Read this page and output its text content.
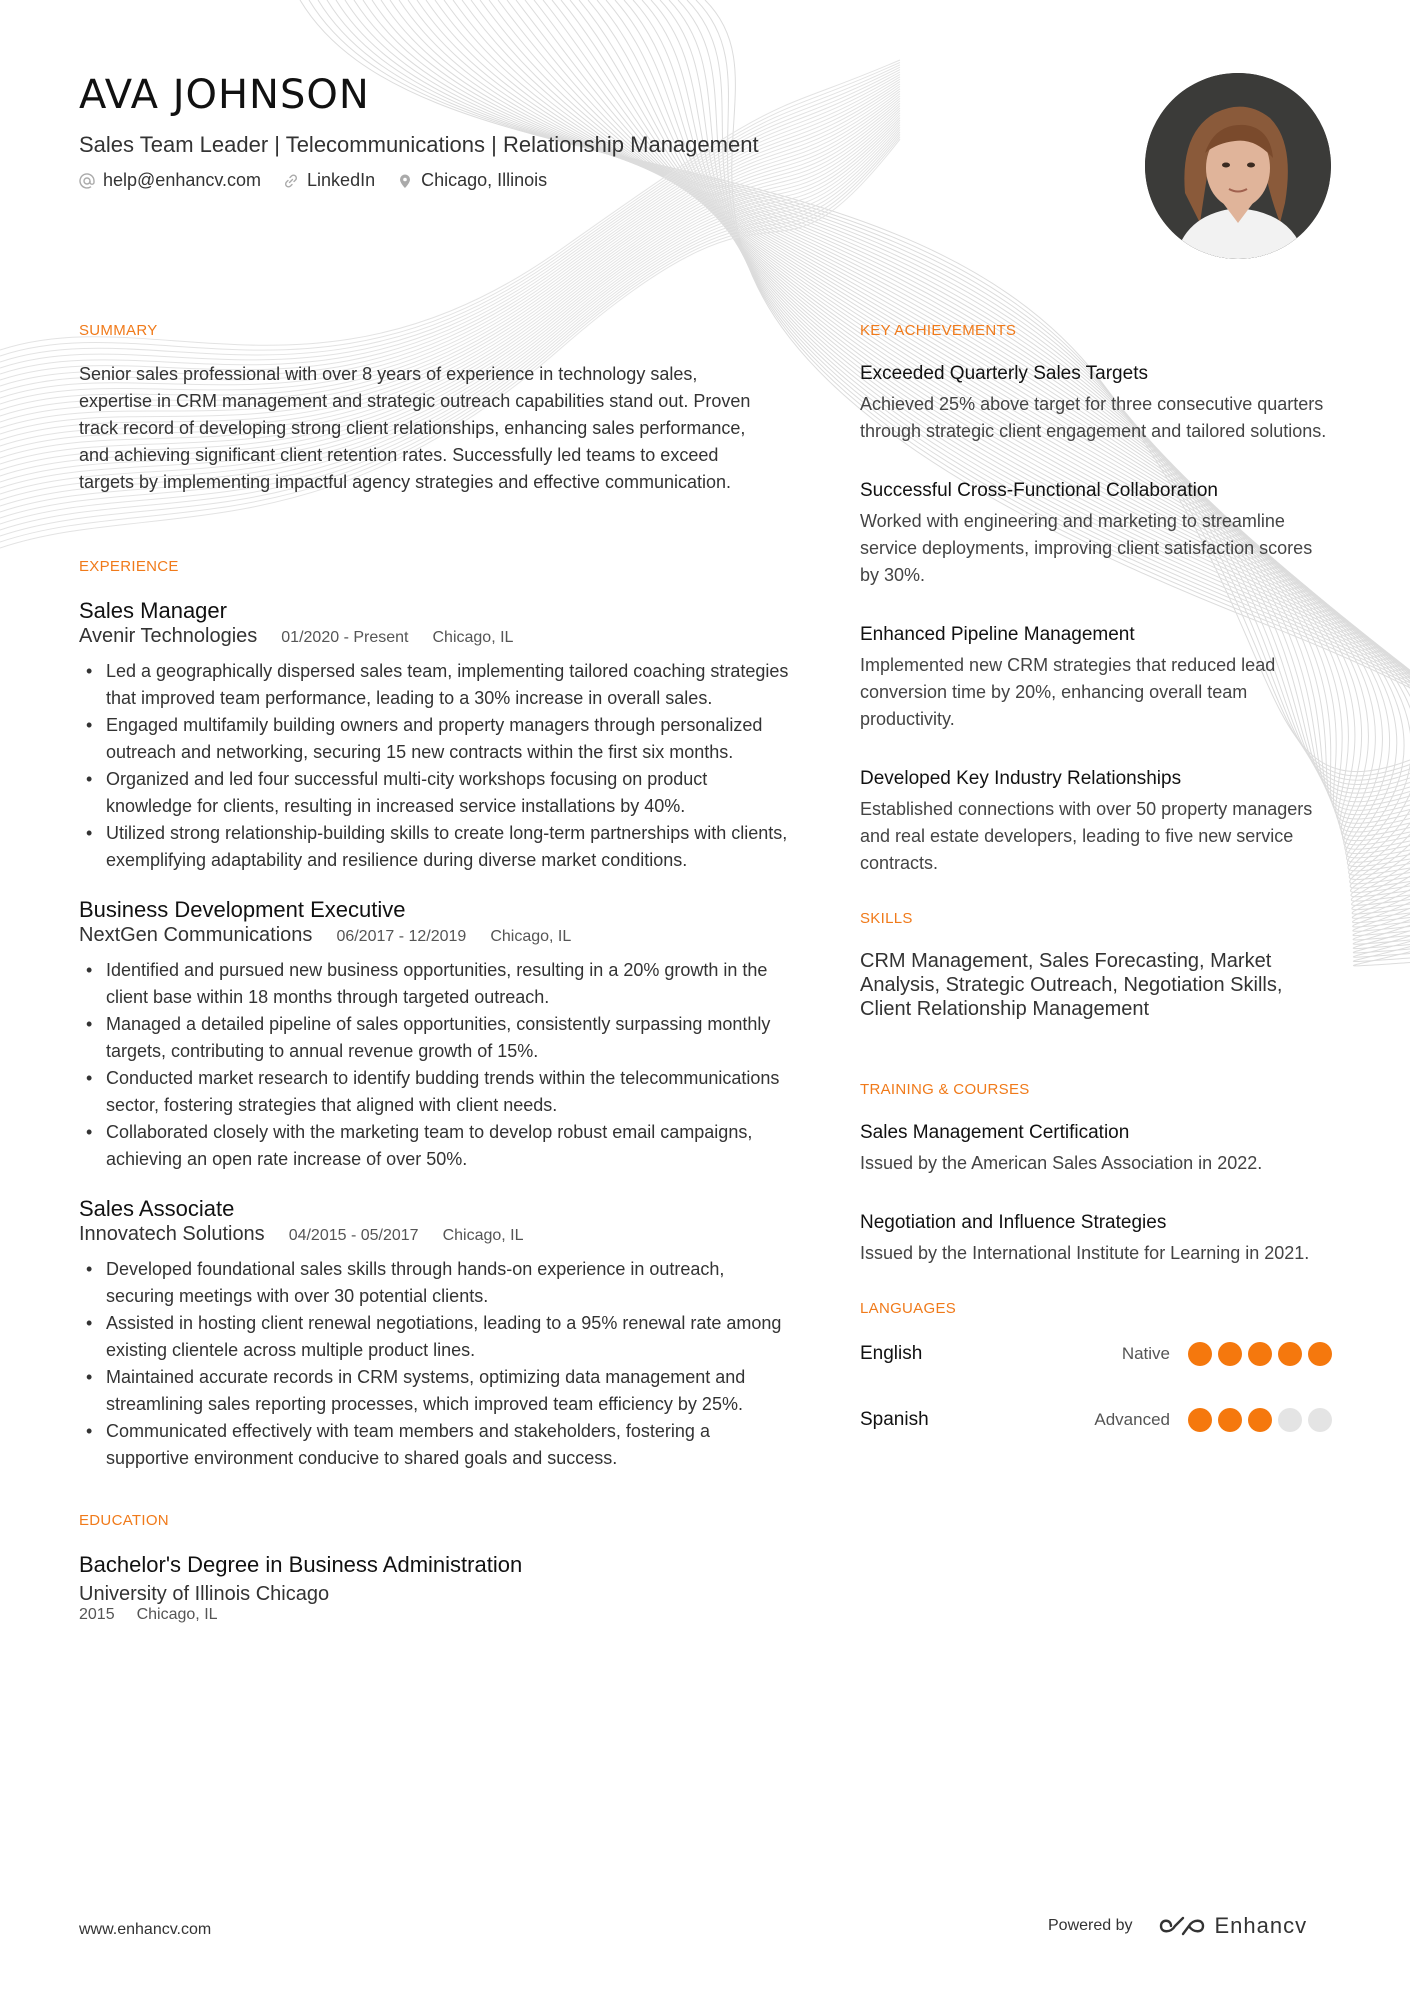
AVA JOHNSON
Sales Team Leader | Telecommunications | Relationship Management
help@enhancv.com	LinkedIn	Chicago, Illinois
SUMMARY

Senior sales professional with over 8 years of experience in technology sales, expertise in CRM management and strategic outreach capabilities stand out. Proven track record of developing strong client relationships, enhancing sales performance, and achieving significant client retention rates. Successfully led teams to exceed targets by implementing impactful agency strategies and effective communication.

EXPERIENCE
Sales Manager
Avenir Technologies 01/2020 - Present Chicago, IL
• Led a geographically dispersed sales team, implementing tailored coaching strategies that improved team performance, leading to a 30% increase in overall sales.
• Engaged multifamily building owners and property managers through personalized outreach and networking, securing 15 new contracts within the first six months.
• Organized and led four successful multi-city workshops focusing on product knowledge for clients, resulting in increased service installations by 40%.
• Utilized strong relationship-building skills to create long-term partnerships with clients, exemplifying adaptability and resilience during diverse market conditions.
Business Development Executive
NextGen Communications 06/2017 - 12/2019 Chicago, IL
• Identified and pursued new business opportunities, resulting in a 20% growth in the client base within 18 months through targeted outreach.
• Managed a detailed pipeline of sales opportunities, consistently surpassing monthly targets, contributing to annual revenue growth of 15%.
• Conducted market research to identify budding trends within the telecommunications sector, fostering strategies that aligned with client needs.
• Collaborated closely with the marketing team to develop robust email campaigns, achieving an open rate increase of over 50%.
Sales Associate
Innovatech Solutions 04/2015 - 05/2017 Chicago, IL
• Developed foundational sales skills through hands-on experience in outreach, securing meetings with over 30 potential clients.
• Assisted in hosting client renewal negotiations, leading to a 95% renewal rate among existing clientele across multiple product lines.
• Maintained accurate records in CRM systems, optimizing data management and streamlining sales reporting processes, which improved team efficiency by 25%.
• Communicated effectively with team members and stakeholders, fostering a supportive environment conducive to shared goals and success.
EDUCATION
Bachelor's Degree in Business Administration
University of Illinois Chicago
2015 Chicago, IL
KEY ACHIEVEMENTS
Exceeded Quarterly Sales Targets
Achieved 25% above target for three consecutive quarters through strategic client engagement and tailored solutions.
Successful Cross-Functional Collaboration
Worked with engineering and marketing to streamline service deployments, improving client satisfaction scores by 30%.
Enhanced Pipeline Management
Implemented new CRM strategies that reduced lead conversion time by 20%, enhancing overall team productivity.
Developed Key Industry Relationships
Established connections with over 50 property managers and real estate developers, leading to five new service contracts.
SKILLS

CRM Management, Sales Forecasting, Market Analysis, Strategic Outreach, Negotiation Skills, Client Relationship Management

TRAINING & COURSES
Sales Management Certification
Issued by the American Sales Association in 2022.
Negotiation and Influence Strategies
Issued by the International Institute for Learning in 2021.
LANGUAGES
English	Native
Spanish	Advanced
www.enhancv.com	Powered by	Enhancv
